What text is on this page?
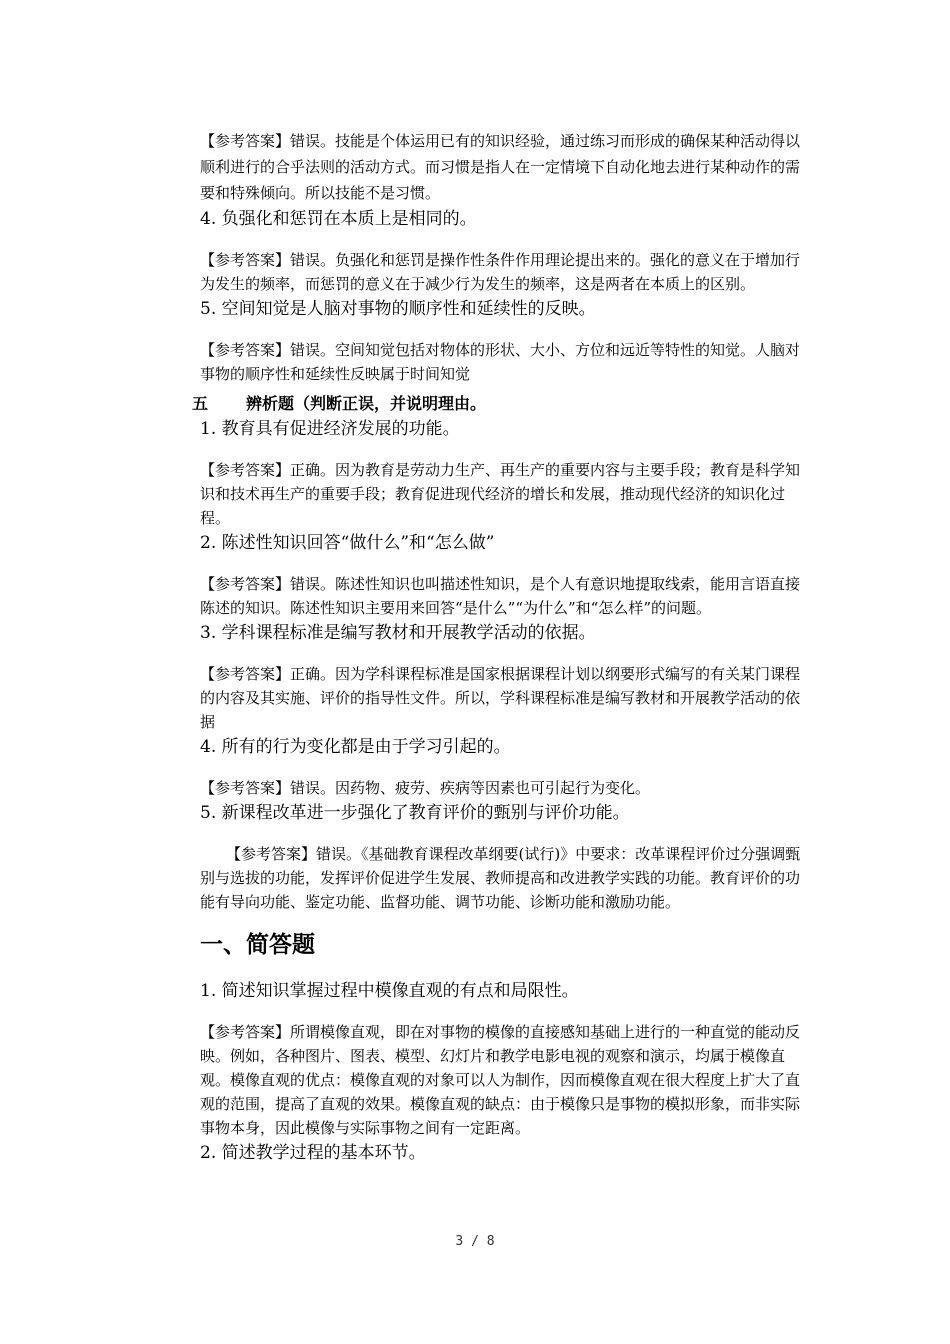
【参考答案】错误。技能是个体运用已有的知识经验，通过练习而形成的确保某种活动得以顺利进行的合乎法则的活动方式。而习惯是指人在一定情境下自动化地去进行某种动作的需要和特殊倾向。所以技能不是习惯。

4. 负强化和惩罚在本质上是相同的。

【参考答案】错误。负强化和惩罚是操作性条件作用理论提出来的。强化的意义在于增加行为发生的频率，而惩罚的意义在于减少行为发生的频率，这是两者在本质上的区别。

5. 空间知觉是人脑对事物的顺序性和延续性的反映。

【参考答案】错误。空间知觉包括对物体的形状、大小、方位和远近等特性的知觉。人脑对事物的顺序性和延续性反映属于时间知觉

五 辨析题（判断正误，并说明理由。

1. 教育具有促进经济发展的功能。

【参考答案】正确。因为教育是劳动力生产、再生产的重要内容与主要手段；教育是科学知识和技术再生产的重要手段；教育促进现代经济的增长和发展，推动现代经济的知识化过程。

2. 陈述性知识回答“做什么”和“怎么做”

【参考答案】错误。陈述性知识也叫描述性知识，是个人有意识地提取线索，能用言语直接陈述的知识。陈述性知识主要用来回答“是什么”“为什么”和“怎么样”的问题。

3. 学科课程标准是编写教材和开展教学活动的依据。

【参考答案】正确。因为学科课程标准是国家根据课程计划以纲要形式编写的有关某门课程的内容及其实施、评价的指导性文件。所以，学科课程标准是编写教材和开展教学活动的依据

4. 所有的行为变化都是由于学习引起的。

【参考答案】错误。因药物、疲劳、疾病等因素也可引起行为变化。

5. 新课程改革进一步强化了教育评价的甄别与评价功能。

【参考答案】错误。《基础教育课程改革纲要(试行)》中要求：改革课程评价过分强调甄别与选拔的功能，发挥评价促进学生发展、教师提高和改进教学实践的功能。教育评价的功能有导向功能、鉴定功能、监督功能、调节功能、诊断功能和激励功能。

一、简答题

1. 简述知识掌握过程中模像直观的有点和局限性。

【参考答案】所谓模像直观，即在对事物的模像的直接感知基础上进行的一种直觉的能动反映。例如，各种图片、图表、模型、幻灯片和教学电影电视的观察和演示，均属于模像直观。模像直观的优点：模像直观的对象可以人为制作，因而模像直观在很大程度上扩大了直观的范围，提高了直观的效果。模像直观的缺点：由于模像只是事物的模拟形象，而非实际事物本身，因此模像与实际事物之间有一定距离。

2. 简述教学过程的基本环节。

3 / 8
